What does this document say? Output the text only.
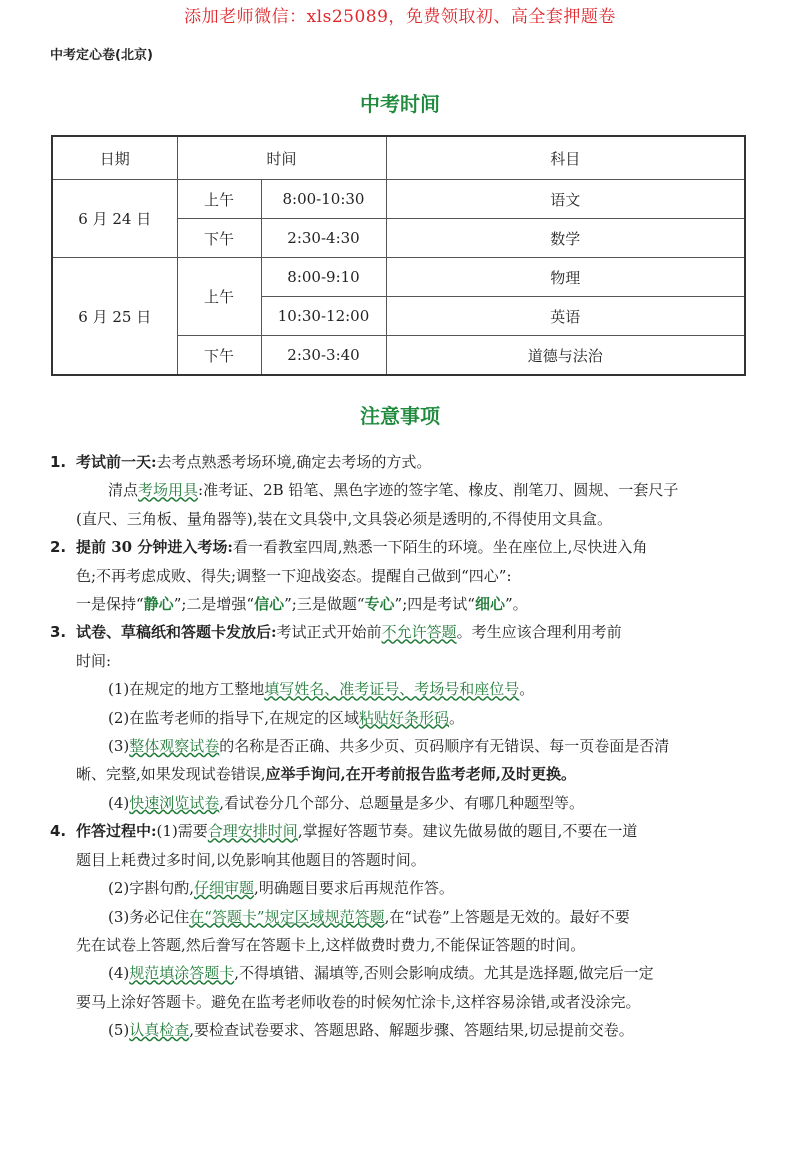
添加老师微信：xls25089，免费领取初、高全套押题卷
中考定心卷(北京)
中考时间
日期	时间		科目
6 月 24 日	上午	8:00-10:30	语文
	下午	2:30-4:30	数学
6 月 25 日	上午	8:00-9:10	物理
		10:30-12:00	英语
	下午	2:30-3:40	道德与法治
注意事项

1. 考试前一天:去考点熟悉考场环境,确定去考场的方式。

清点考场用具:准考证、2B 铅笔、黑色字迹的签字笔、橡皮、削笔刀、圆规、一套尺子

(直尺、三角板、量角器等),装在文具袋中,文具袋必须是透明的,不得使用文具盒。

2. 提前 30 分钟进入考场:看一看教室四周,熟悉一下陌生的环境。坐在座位上,尽快进入角

色;不再考虑成败、得失;调整一下迎战姿态。提醒自己做到“四心”:

一是保持“静心”;二是增强“信心”;三是做题“专心”;四是考试“细心”。

3. 试卷、草稿纸和答题卡发放后:考试正式开始前不允许答题。考生应该合理利用考前

时间:

(1)在规定的地方工整地填写姓名、准考证号、考场号和座位号。

(2)在监考老师的指导下,在规定的区域粘贴好条形码。

(3)整体观察试卷的名称是否正确、共多少页、页码顺序有无错误、每一页卷面是否清

晰、完整,如果发现试卷错误,应举手询问,在开考前报告监考老师,及时更换。

(4)快速浏览试卷,看试卷分几个部分、总题量是多少、有哪几种题型等。

4. 作答过程中:(1)需要合理安排时间,掌握好答题节奏。建议先做易做的题目,不要在一道

题目上耗费过多时间,以免影响其他题目的答题时间。

(2)字斟句酌,仔细审题,明确题目要求后再规范作答。

(3)务必记住在“答题卡”规定区域规范答题,在“试卷”上答题是无效的。最好不要

先在试卷上答题,然后誊写在答题卡上,这样做费时费力,不能保证答题的时间。

(4)规范填涂答题卡,不得填错、漏填等,否则会影响成绩。尤其是选择题,做完后一定

要马上涂好答题卡。避免在监考老师收卷的时候匆忙涂卡,这样容易涂错,或者没涂完。

(5)认真检查,要检查试卷要求、答题思路、解题步骤、答题结果,切忌提前交卷。
